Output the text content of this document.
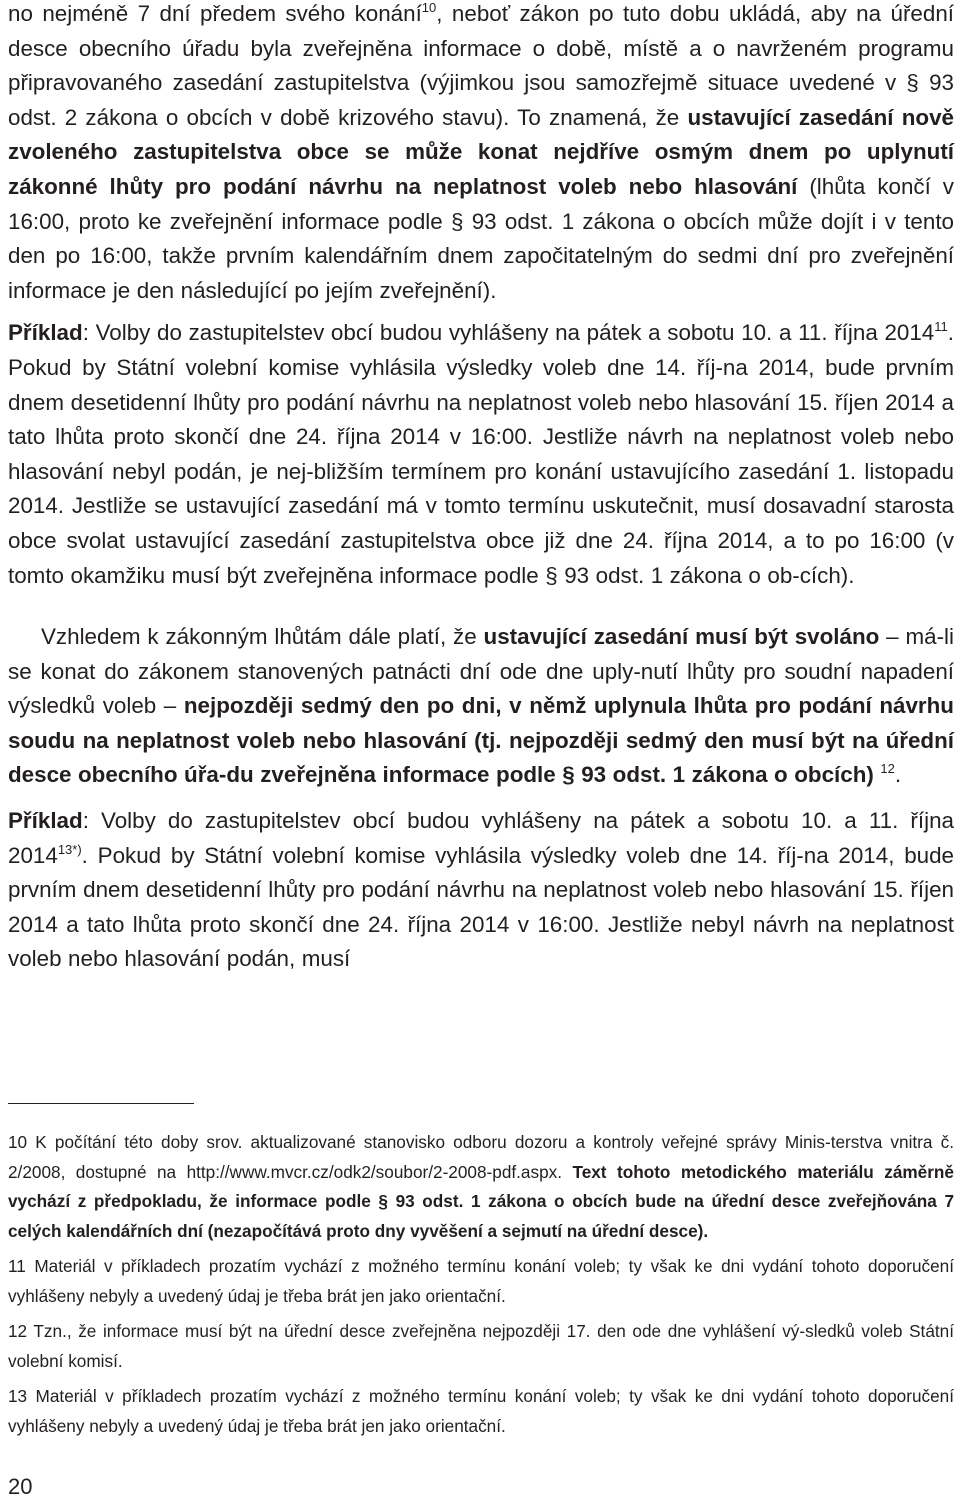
no nejméně 7 dní předem svého konání$^{10}$, neboť zákon po tuto dobu ukládá, aby na úřední desce obecního úřadu byla zveřejněna informace o době, místě a o navrženém programu připravovaného zasedání zastupitelstva (výjimkou jsou samozřejmě situace uvedené v § 93 odst. 2 zákona o obcích v době krizového stavu). To znamená, že ustavující zasedání nově zvoleného zastupitelstva obce se může konat nejdříve osmým dnem po uplynutí zákonné lhůty pro podání návrhu na neplatnost voleb nebo hlasování (lhůta končí v 16:00, proto ke zveřejnění informace podle § 93 odst. 1 zákona o obcích může dojít i v tento den po 16:00, takže prvním kalendářním dnem započitatelným do sedmi dní pro zveřejnění informace je den následující po jejím zveřejnění).

Příklad: Volby do zastupitelstev obcí budou vyhlášeny na pátek a sobotu 10. a 11. října 2014$^{11}$. Pokud by Státní volební komise vyhlásila výsledky voleb dne 14. říj-na 2014, bude prvním dnem desetidenní lhůty pro podání návrhu na neplatnost voleb nebo hlasování 15. říjen 2014 a tato lhůta proto skončí dne 24. října 2014 v 16:00. Jestliže návrh na neplatnost voleb nebo hlasování nebyl podán, je nej-bližším termínem pro konání ustavujícího zasedání 1. listopadu 2014. Jestliže se ustavující zasedání má v tomto termínu uskutečnit, musí dosavadní starosta obce svolat ustavující zasedání zastupitelstva obce již dne 24. října 2014, a to po 16:00 (v tomto okamžiku musí být zveřejněna informace podle § 93 odst. 1 zákona o ob-cích).

Vzhledem k zákonným lhůtám dále platí, že ustavující zasedání musí být svoláno – má-li se konat do zákonem stanovených patnácti dní ode dne uply-nutí lhůty pro soudní napadení výsledků voleb – nejpozději sedmý den po dni, v němž uplynula lhůta pro podání návrhu soudu na neplatnost voleb nebo hlasování (tj. nejpozději sedmý den musí být na úřední desce obecního úřa-du zveřejněna informace podle § 93 odst. 1 zákona o obcích) $^{12}$.

Příklad: Volby do zastupitelstev obcí budou vyhlášeny na pátek a sobotu 10. a 11. října $2014^{13*)}$. Pokud by Státní volební komise vyhlásila výsledky voleb dne 14. říj-na 2014, bude prvním dnem desetidenní lhůty pro podání návrhu na neplatnost voleb nebo hlasování 15. říjen 2014 a tato lhůta proto skončí dne 24. října 2014 v 16:00. Jestliže nebyl návrh na neplatnost voleb nebo hlasování podán, musí

10 K počítání této doby srov. aktualizované stanovisko odboru dozoru a kontroly veřejné správy Minis-terstva vnitra č. 2/2008, dostupné na http://www.mvcr.cz/odk2/soubor/2-2008-pdf.aspx. Text tohoto metodického materiálu záměrně vychází z předpokladu, že informace podle § 93 odst. 1 zákona o obcích bude na úřední desce zveřejňována 7 celých kalendářních dní (nezapočítává proto dny vyvěšení a sejmutí na úřední desce).

11 Materiál v příkladech prozatím vychází z možného termínu konání voleb; ty však ke dni vydání tohoto doporučení vyhlášeny nebyly a uvedený údaj je třeba brát jen jako orientační.

12 Tzn., že informace musí být na úřední desce zveřejněna nejpozději 17. den ode dne vyhlášení vý-sledků voleb Státní volební komisí.

13 Materiál v příkladech prozatím vychází z možného termínu konání voleb; ty však ke dni vydání tohoto doporučení vyhlášeny nebyly a uvedený údaj je třeba brát jen jako orientační.

20
